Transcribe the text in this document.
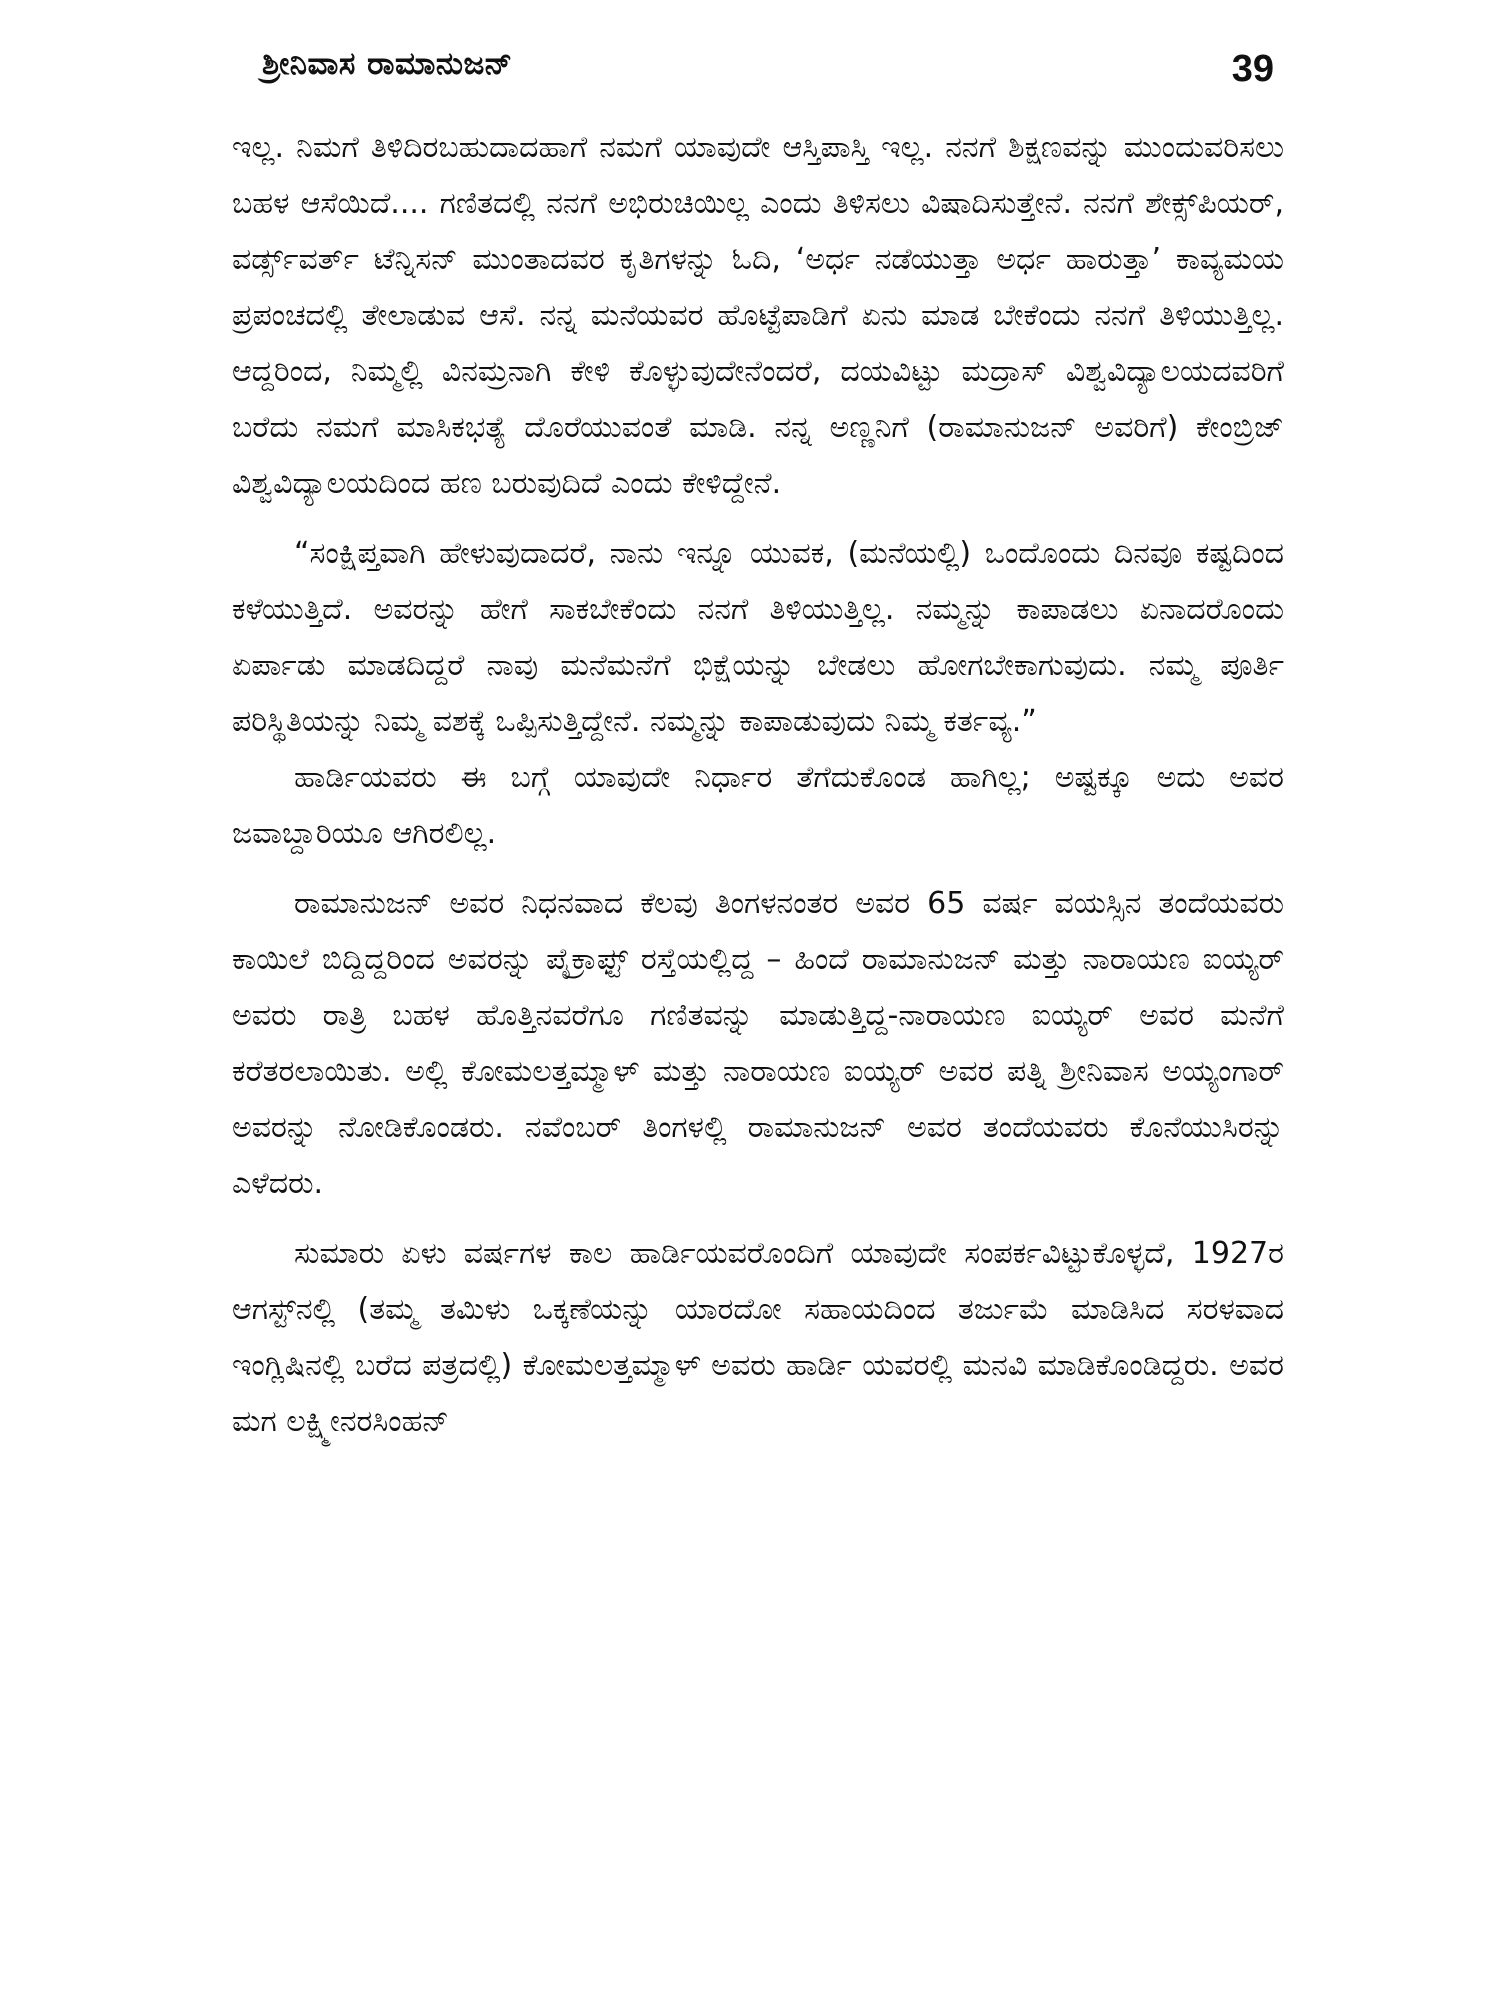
ಶ್ರೀನಿವಾಸ ರಾಮಾನುಜನ್	39

ಇಲ್ಲ. ನಿಮಗೆ ತಿಳಿದಿರಬಹುದಾದಹಾಗೆ ನಮಗೆ ಯಾವುದೇ ಆಸ್ತಿಪಾಸ್ತಿ ಇಲ್ಲ. ನನಗೆ ಶಿಕ್ಷಣವನ್ನು ಮುಂದುವರಿಸಲು ಬಹಳ ಆಸೆಯಿದೆ.... ಗಣಿತದಲ್ಲಿ ನನಗೆ ಅಭಿರುಚಿಯಿಲ್ಲ ಎಂದು ತಿಳಿಸಲು ವಿಷಾದಿಸುತ್ತೇನೆ. ನನಗೆ ಶೇಕ್ಸ್‌ಪಿಯರ್, ವರ್ಡ್ಸ್‌ವರ್ತ್ ಟೆನ್ನಿಸನ್ ಮುಂತಾದವರ ಕೃತಿಗಳನ್ನು ಓದಿ, ‘ಅರ್ಧ ನಡೆಯುತ್ತಾ ಅರ್ಧ ಹಾರುತ್ತಾ’ ಕಾವ್ಯಮಯ ಪ್ರಪಂಚದಲ್ಲಿ ತೇಲಾಡುವ ಆಸೆ. ನನ್ನ ಮನೆಯವರ ಹೊಟ್ಟೆಪಾಡಿಗೆ ಏನು ಮಾಡ ಬೇಕೆಂದು ನನಗೆ ತಿಳಿಯುತ್ತಿಲ್ಲ. ಆದ್ದರಿಂದ, ನಿಮ್ಮಲ್ಲಿ ವಿನಮ್ರನಾಗಿ ಕೇಳಿ ಕೊಳ್ಳುವುದೇನೆಂದರೆ, ದಯವಿಟ್ಟು ಮದ್ರಾಸ್ ವಿಶ್ವವಿದ್ಯಾಲಯದವರಿಗೆ ಬರೆದು ನಮಗೆ ಮಾಸಿಕಭತ್ಯೆ ದೊರೆಯುವಂತೆ ಮಾಡಿ. ನನ್ನ ಅಣ್ಣನಿಗೆ (ರಾಮಾನುಜನ್ ಅವರಿಗೆ) ಕೇಂಬ್ರಿಜ್ ವಿಶ್ವವಿದ್ಯಾಲಯದಿಂದ ಹಣ ಬರುವುದಿದೆ ಎಂದು ಕೇಳಿದ್ದೇನೆ.

“ಸಂಕ್ಷಿಪ್ತವಾಗಿ ಹೇಳುವುದಾದರೆ, ನಾನು ಇನ್ನೂ ಯುವಕ, (ಮನೆಯಲ್ಲಿ) ಒಂದೊಂದು ದಿನವೂ ಕಷ್ಟದಿಂದ ಕಳೆಯುತ್ತಿದೆ. ಅವರನ್ನು ಹೇಗೆ ಸಾಕಬೇಕೆಂದು ನನಗೆ ತಿಳಿಯುತ್ತಿಲ್ಲ. ನಮ್ಮನ್ನು ಕಾಪಾಡಲು ಏನಾದರೊಂದು ಏರ್ಪಾಡು ಮಾಡದಿದ್ದರೆ ನಾವು ಮನೆಮನೆಗೆ ಭಿಕ್ಷೆಯನ್ನು ಬೇಡಲು ಹೋಗಬೇಕಾಗುವುದು. ನಮ್ಮ ಪೂರ್ತಿ ಪರಿಸ್ಥಿತಿಯನ್ನು ನಿಮ್ಮ ವಶಕ್ಕೆ ಒಪ್ಪಿಸುತ್ತಿದ್ದೇನೆ. ನಮ್ಮನ್ನು ಕಾಪಾಡುವುದು ನಿಮ್ಮ ಕರ್ತವ್ಯ.”

ಹಾರ್ಡಿಯವರು ಈ ಬಗ್ಗೆ ಯಾವುದೇ ನಿರ್ಧಾರ ತೆಗೆದುಕೊಂಡ ಹಾಗಿಲ್ಲ; ಅಷ್ಟಕ್ಕೂ ಅದು ಅವರ ಜವಾಬ್ದಾರಿಯೂ ಆಗಿರಲಿಲ್ಲ.

ರಾಮಾನುಜನ್ ಅವರ ನಿಧನವಾದ ಕೆಲವು ತಿಂಗಳನಂತರ ಅವರ 65 ವರ್ಷ ವಯಸ್ಸಿನ ತಂದೆಯವರು ಕಾಯಿಲೆ ಬಿದ್ದಿದ್ದರಿಂದ ಅವರನ್ನು ಪೈಕ್ರಾಫ್ಟ್ ರಸ್ತೆಯಲ್ಲಿದ್ದ – ಹಿಂದೆ ರಾಮಾನುಜನ್ ಮತ್ತು ನಾರಾಯಣ ಐಯ್ಯರ್ ಅವರು ರಾತ್ರಿ ಬಹಳ ಹೊತ್ತಿನವರೆಗೂ ಗಣಿತವನ್ನು ಮಾಡುತ್ತಿದ್ದ-ನಾರಾಯಣ ಐಯ್ಯರ್ ಅವರ ಮನೆಗೆ ಕರೆತರಲಾಯಿತು. ಅಲ್ಲಿ ಕೋಮಲತ್ತಮ್ಮಾಳ್ ಮತ್ತು ನಾರಾಯಣ ಐಯ್ಯರ್ ಅವರ ಪತ್ನಿ ಶ್ರೀನಿವಾಸ ಅಯ್ಯಂಗಾರ್ ಅವರನ್ನು ನೋಡಿಕೊಂಡರು. ನವೆಂಬರ್ ತಿಂಗಳಲ್ಲಿ ರಾಮಾನುಜನ್ ಅವರ ತಂದೆಯವರು ಕೊನೆಯುಸಿರನ್ನು ಎಳೆದರು.

ಸುಮಾರು ಏಳು ವರ್ಷಗಳ ಕಾಲ ಹಾರ್ಡಿಯವರೊಂದಿಗೆ ಯಾವುದೇ ಸಂಪರ್ಕವಿಟ್ಟುಕೊಳ್ಳದೆ, 1927ರ ಆಗಸ್ಟ್‌ನಲ್ಲಿ (ತಮ್ಮ ತಮಿಳು ಒಕ್ಕಣೆಯನ್ನು ಯಾರದೋ ಸಹಾಯದಿಂದ ತರ್ಜುಮೆ ಮಾಡಿಸಿದ ಸರಳವಾದ ಇಂಗ್ಲಿಷಿನಲ್ಲಿ ಬರೆದ ಪತ್ರದಲ್ಲಿ) ಕೋಮಲತ್ತಮ್ಮಾಳ್ ಅವರು ಹಾರ್ಡಿ ಯವರಲ್ಲಿ ಮನವಿ ಮಾಡಿಕೊಂಡಿದ್ದರು. ಅವರ ಮಗ ಲಕ್ಷ್ಮೀನರಸಿಂಹನ್
